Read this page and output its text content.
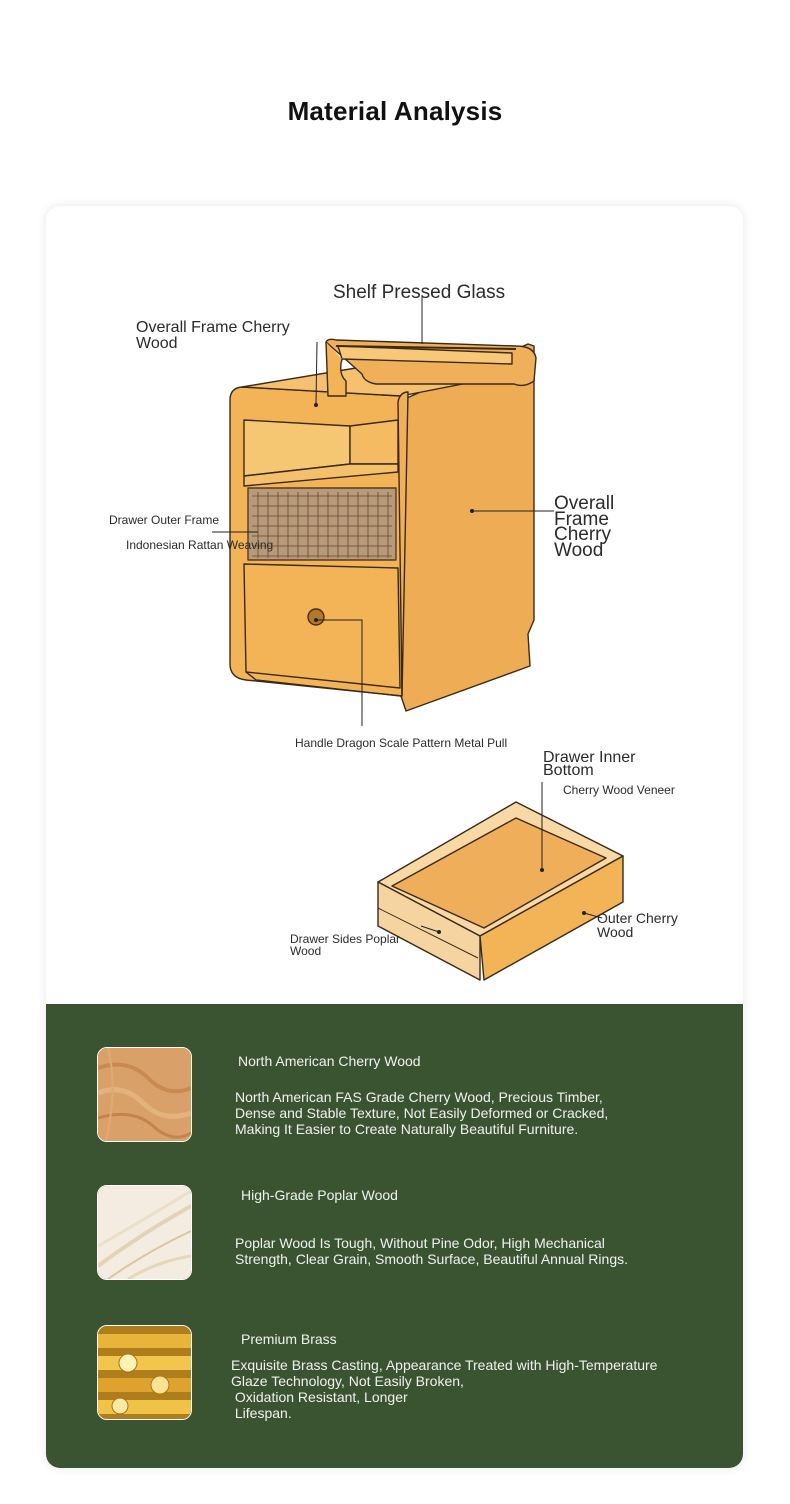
Material Analysis
Shelf Pressed Glass
Overall Frame Cherry
Wood
Drawer Outer Frame
Indonesian Rattan Weaving
Overall
Frame
Cherry
Wood
Handle Dragon Scale Pattern Metal Pull
Drawer Inner
Bottom
Cherry Wood Veneer
Outer Cherry
Wood
Drawer Sides Poplar
Wood
North American Cherry Wood
North American FAS Grade Cherry Wood, Precious Timber,
Dense and Stable Texture, Not Easily Deformed or Cracked,
Making It Easier to Create Naturally Beautiful Furniture.
High-Grade Poplar Wood
Poplar Wood Is Tough, Without Pine Odor, High Mechanical
Strength, Clear Grain, Smooth Surface, Beautiful Annual Rings.
Premium Brass
Exquisite Brass Casting, Appearance Treated with High-Temperature
Glaze Technology, Not Easily Broken,
Oxidation Resistant, Longer
Lifespan.
